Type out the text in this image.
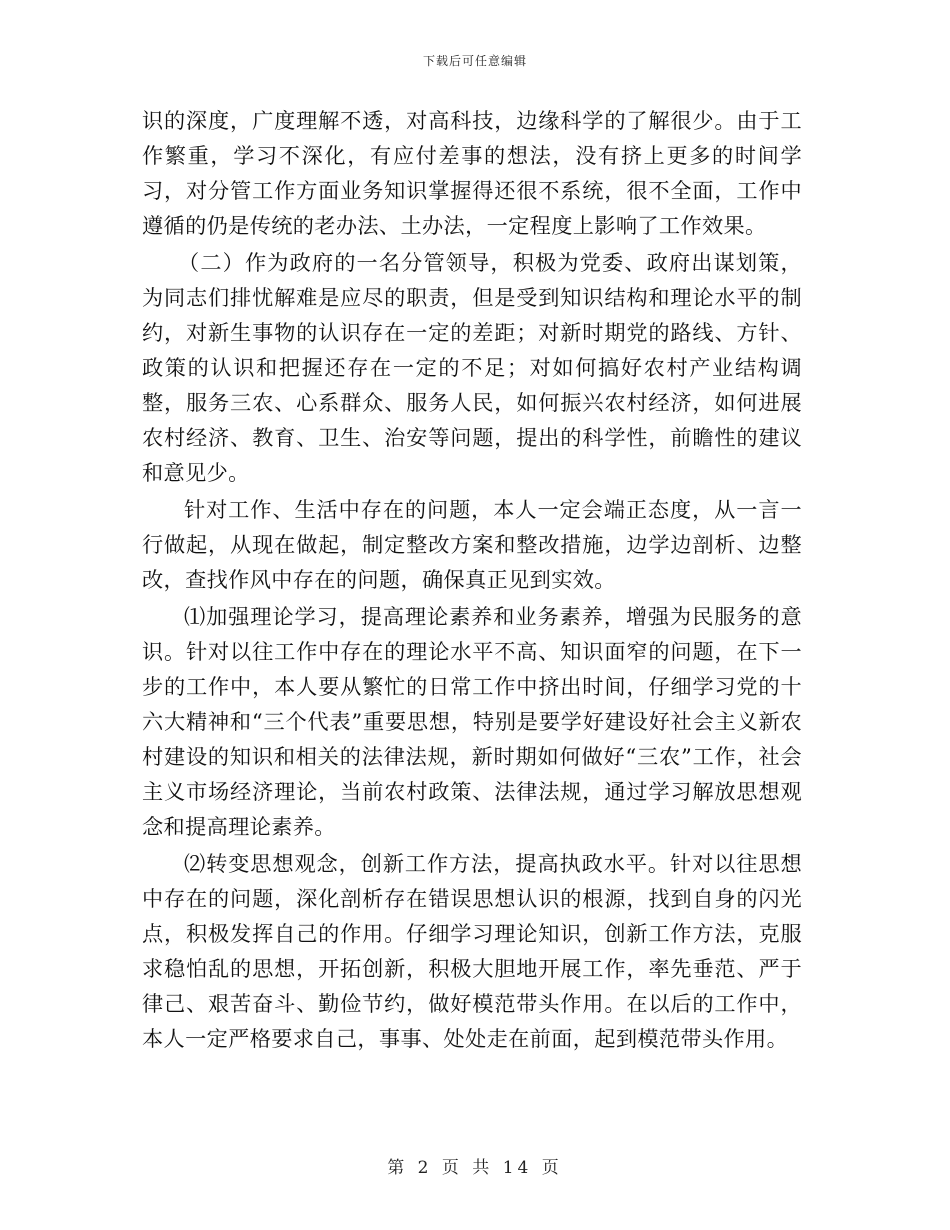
下载后可任意编辑

识的深度，广度理解不透，对高科技，边缘科学的了解很少。由于工作繁重，学习不深化，有应付差事的想法，没有挤上更多的时间学习，对分管工作方面业务知识掌握得还很不系统，很不全面，工作中遵循的仍是传统的老办法、土办法，一定程度上影响了工作效果。

（二）作为政府的一名分管领导，积极为党委、政府出谋划策，为同志们排忧解难是应尽的职责，但是受到知识结构和理论水平的制约，对新生事物的认识存在一定的差距；对新时期党的路线、方针、政策的认识和把握还存在一定的不足；对如何搞好农村产业结构调整，服务三农、心系群众、服务人民，如何振兴农村经济，如何进展农村经济、教育、卫生、治安等问题，提出的科学性，前瞻性的建议和意见少。

针对工作、生活中存在的问题，本人一定会端正态度，从一言一行做起，从现在做起，制定整改方案和整改措施，边学边剖析、边整改，查找作风中存在的问题，确保真正见到实效。

⑴加强理论学习，提高理论素养和业务素养，增强为民服务的意识。针对以往工作中存在的理论水平不高、知识面窄的问题，在下一步的工作中，本人要从繁忙的日常工作中挤出时间，仔细学习党的十六大精神和“三个代表”重要思想，特别是要学好建设好社会主义新农村建设的知识和相关的法律法规，新时期如何做好“三农”工作，社会主义市场经济理论，当前农村政策、法律法规，通过学习解放思想观念和提高理论素养。

⑵转变思想观念，创新工作方法，提高执政水平。针对以往思想中存在的问题，深化剖析存在错误思想认识的根源，找到自身的闪光点，积极发挥自己的作用。仔细学习理论知识，创新工作方法，克服求稳怕乱的思想，开拓创新，积极大胆地开展工作，率先垂范、严于律己、艰苦奋斗、勤俭节约，做好模范带头作用。在以后的工作中，本人一定严格要求自己，事事、处处走在前面，起到模范带头作用。

第 2 页 共 14 页
